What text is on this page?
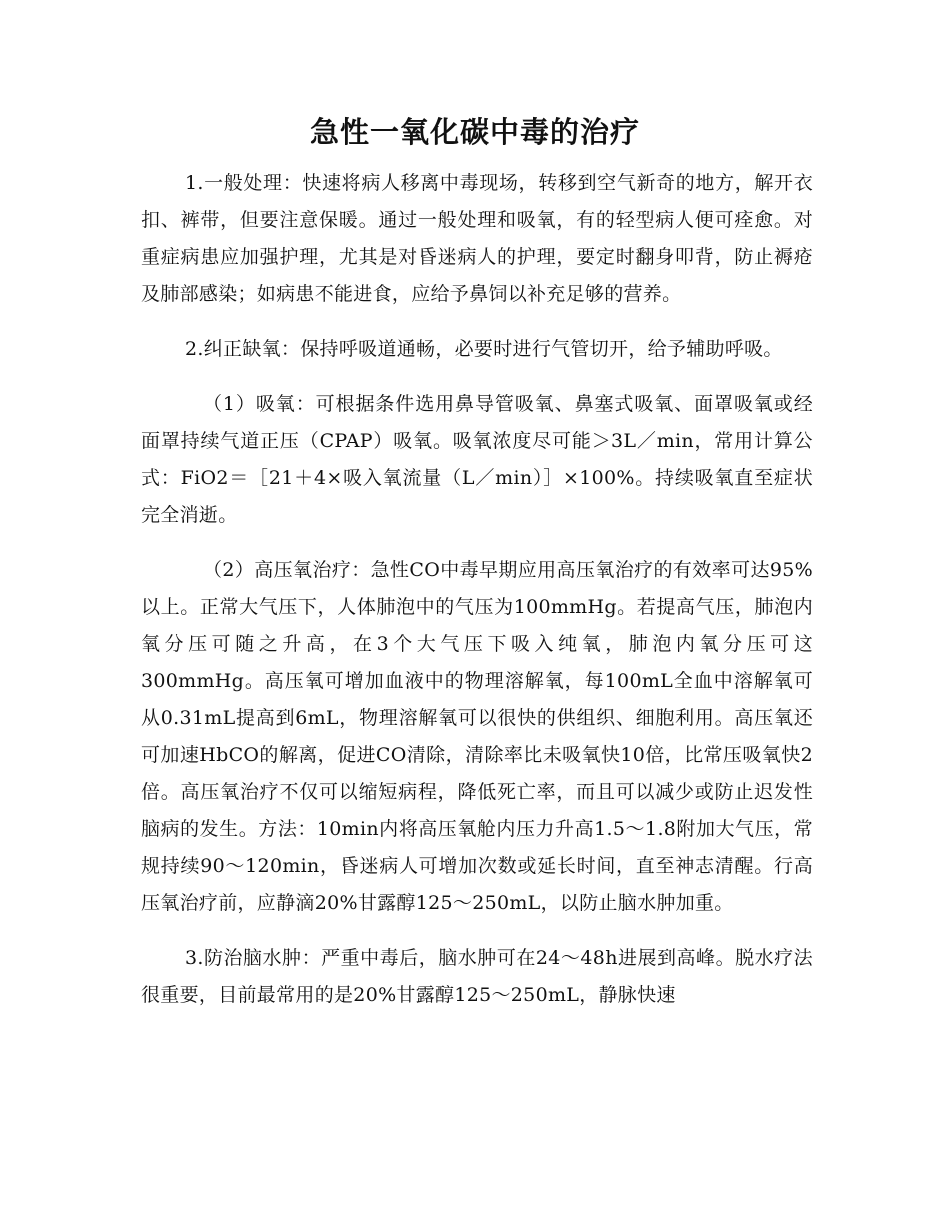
急性一氧化碳中毒的治疗

1.一般处理：快速将病人移离中毒现场，转移到空气新奇的地方，解开衣扣、裤带，但要注意保暖。通过一般处理和吸氧，有的轻型病人便可痊愈。对重症病患应加强护理，尤其是对昏迷病人的护理，要定时翻身叩背，防止褥疮及肺部感染；如病患不能进食，应给予鼻饲以补充足够的营养。

2.纠正缺氧：保持呼吸道通畅，必要时进行气管切开，给予辅助呼吸。

（1）吸氧：可根据条件选用鼻导管吸氧、鼻塞式吸氧、面罩吸氧或经面罩持续气道正压（CPAP）吸氧。吸氧浓度尽可能＞3L／min，常用计算公式：FiO2＝［21＋4×吸入氧流量（L／min）］×100%。持续吸氧直至症状完全消逝。

（2）高压氧治疗：急性CO中毒早期应用高压氧治疗的有效率可达95%以上。正常大气压下，人体肺泡中的气压为100mmHg。若提高气压，肺泡内氧分压可随之升高，在3个大气压下吸入纯氧，肺泡内氧分压可这300mmHg。高压氧可增加血液中的物理溶解氧，每100mL全血中溶解氧可从0.31mL提高到6mL，物理溶解氧可以很快的供组织、细胞利用。高压氧还可加速HbCO的解离，促进CO清除，清除率比未吸氧快10倍，比常压吸氧快2倍。高压氧治疗不仅可以缩短病程，降低死亡率，而且可以减少或防止迟发性脑病的发生。方法：10min内将高压氧舱内压力升高1.5～1.8附加大气压，常规持续90～120min，昏迷病人可增加次数或延长时间，直至神志清醒。行高压氧治疗前，应静滴20%甘露醇125～250mL，以防止脑水肿加重。

3.防治脑水肿：严重中毒后，脑水肿可在24～48h进展到高峰。脱水疗法很重要，目前最常用的是20%甘露醇125～250mL，静脉快速
